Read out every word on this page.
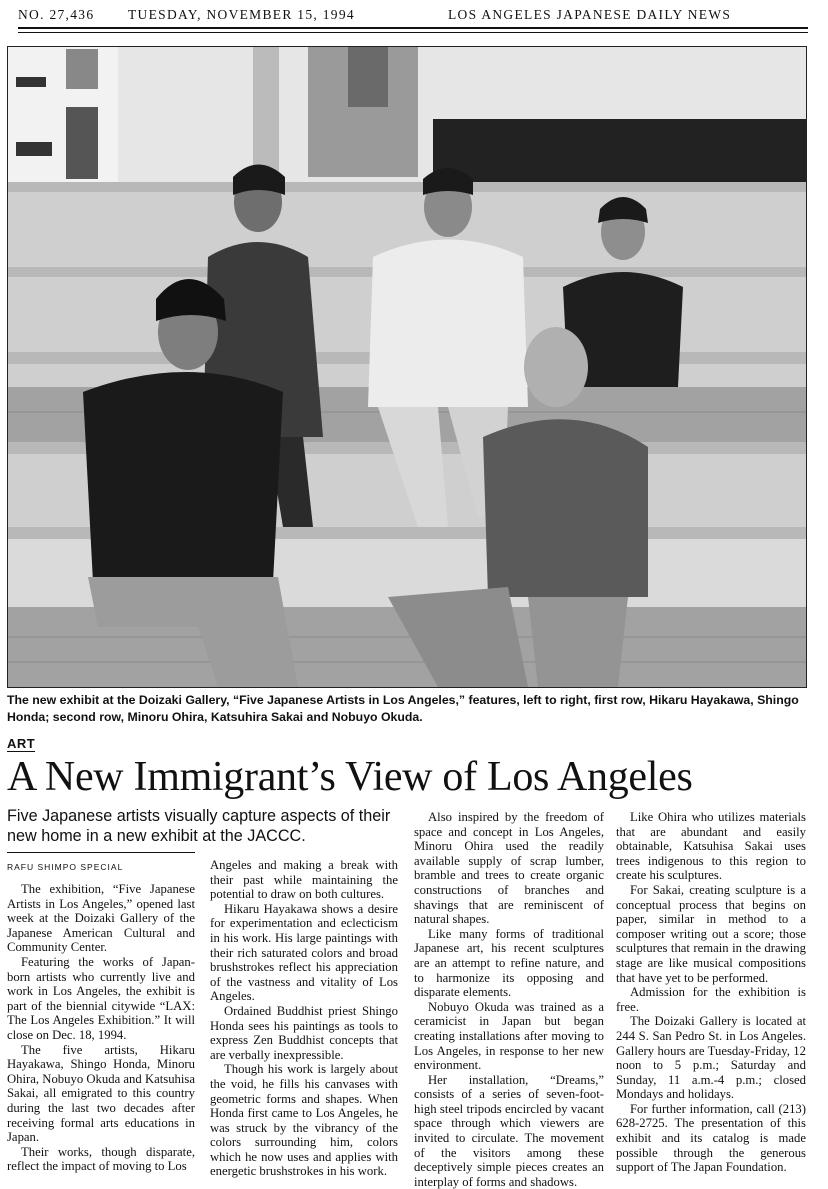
NO. 27,436 TUESDAY, NOVEMBER 15, 1994	LOS ANGELES JAPANESE DAILY NEWS
The new exhibit at the Doizaki Gallery, “Five Japanese Artists in Los Angeles,” features, left to right, first row, Hikaru Hayakawa, Shingo Honda; second row, Minoru Ohira, Katsuhira Sakai and Nobuyo Okuda.
ART
A New Immigrant’s View of Los Angeles
Five Japanese artists visually capture aspects of their new home in a new exhibit at the JACCC.
RAFU SHIMPO SPECIAL

The exhibition, “Five Japanese Artists in Los Angeles,” opened last week at the Doizaki Gallery of the Japanese American Cultural and Community Center.

Featuring the works of Japan-born artists who currently live and work in Los Angeles, the exhibit is part of the biennial citywide “LAX: The Los Angeles Exhibition.” It will close on Dec. 18, 1994.

The five artists, Hikaru Hayakawa, Shingo Honda, Minoru Ohira, Nobuyo Okuda and Katsuhisa Sakai, all emigrated to this country during the last two decades after receiving formal arts educations in Japan.

Their works, though disparate, reflect the impact of moving to Los

Angeles and making a break with their past while maintaining the potential to draw on both cultures.

Hikaru Hayakawa shows a desire for experimentation and eclecticism in his work. His large paintings with their rich saturated colors and broad brushstrokes reflect his appreciation of the vastness and vitality of Los Angeles.

Ordained Buddhist priest Shingo Honda sees his paintings as tools to express Zen Buddhist concepts that are verbally inexpressible.

Though his work is largely about the void, he fills his canvases with geometric forms and shapes. When Honda first came to Los Angeles, he was struck by the vibrancy of the colors surrounding him, colors which he now uses and applies with energetic brushstrokes in his work.

Also inspired by the freedom of space and concept in Los Angeles, Minoru Ohira used the readily available supply of scrap lumber, bramble and trees to create organic constructions of branches and shavings that are reminiscent of natural shapes.

Like many forms of traditional Japanese art, his recent sculptures are an attempt to refine nature, and to harmonize its opposing and disparate elements.

Nobuyo Okuda was trained as a ceramicist in Japan but began creating installations after moving to Los Angeles, in response to her new environment.

Her installation, “Dreams,” consists of a series of seven-foot-high steel tripods encircled by vacant space through which viewers are invited to circulate. The movement of the visitors among these deceptively simple pieces creates an interplay of forms and shadows.

Like Ohira who utilizes materials that are abundant and easily obtainable, Katsuhisa Sakai uses trees indigenous to this region to create his sculptures.

For Sakai, creating sculpture is a conceptual process that begins on paper, similar in method to a composer writing out a score; those sculptures that remain in the drawing stage are like musical compositions that have yet to be performed.

Admission for the exhibition is free.

The Doizaki Gallery is located at 244 S. San Pedro St. in Los Angeles. Gallery hours are Tuesday-Friday, 12 noon to 5 p.m.; Saturday and Sunday, 11 a.m.-4 p.m.; closed Mondays and holidays.

For further information, call (213) 628-2725. The presentation of this exhibit and its catalog is made possible through the generous support of The Japan Foundation.
